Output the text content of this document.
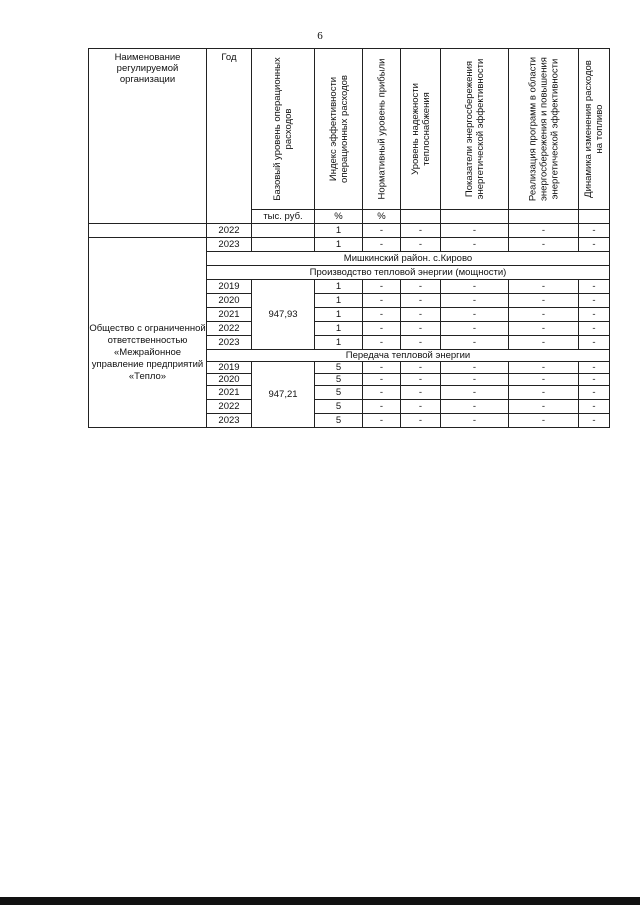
6
Наименование регулируемой организации	Год	Базовый уровень операционных расходов	Индекс эффективности операционных расходов	Нормативный уровень прибыли	Уровень надежности теплоснабжения	Показатели энергосбережения энергетической эффективности	Реализация программ в области энергосбережения и повышения энергетической эффективности	Динамика изменения расходов на топливо

		тыс. руб.	%	%				
	2022		1	-	-	-	-	-
Общество с ограниченной ответственностью «Межрайонное управление предприятий «Тепло»	2023		1	-	-	-	-	-
	Мишкинский район. с.Кирово							
	Производство тепловой энергии (мощности)							
	2019	947,93	1	-	-	-	-	-
	2020		1	-	-	-	-	-
	2021		1	-	-	-	-	-
	2022		1	-	-	-	-	-
	2023		1	-	-	-	-	-
	Передача тепловой энергии							
	2019	947,21	5	-	-	-	-	-
	2020		5	-	-	-	-	-
	2021		5	-	-	-	-	-
	2022		5	-	-	-	-	-
	2023		5	-	-	-	-	-
